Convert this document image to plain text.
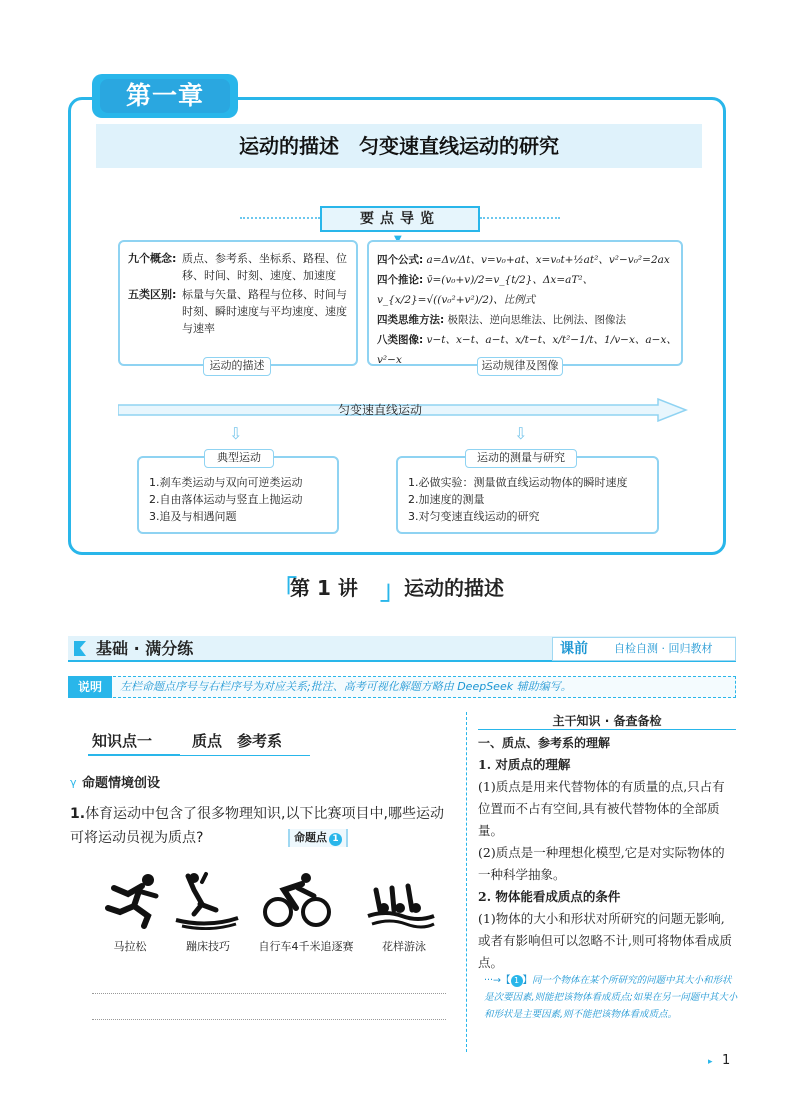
第一章
运动的描述　匀变速直线运动的研究
要点导览
九个概念: 质点、参考系、坐标系、路程、位移、时间、时刻、速度、加速度
五类区别: 标量与矢量、路程与位移、时间与时刻、瞬时速度与平均速度、速度与速率
运动的描述
四个公式: a=Δv/Δt、v=v₀+at、x=v₀t+½at²、v²−v₀²=2ax
四个推论: v̄=(v₀+v)/2=v_{t/2}、Δx=aT²、v_{x/2}=√((v₀²+v²)/2)、比例式
四类思维方法: 极限法、逆向思维法、比例法、图像法
八类图像: v−t、x−t、a−t、x/t−t、x/t²−1/t、1/v−x、a−x、v²−x	运动规律及图像
匀变速直线运动
⇩	⇩
1.刹车类运动与双向可逆类运动
2.自由落体运动与竖直上抛运动
3.追及与相遇问题
典型运动
1.必做实验：测量做直线运动物体的瞬时速度
2.加速度的测量
3.对匀变速直线运动的研究
运动的测量与研究
「
第 1 讲 」
运动的描述
基础 · 满分练	课前 自检自测 · 回归教材
说明	左栏命题点序号与右栏序号为对应关系;批注、高考可视化解题方略由 DeepSeek 辅助编写。
知识点一	质点　参考系
γ 命题情境创设
1.体育运动中包含了很多物理知识,以下比赛项目中,哪些运动可将运动员视为质点?	命题点 1
马拉松	蹦床技巧	自行车4千米追逐赛	花样游泳
主干知识 · 备查备检
一、质点、参考系的理解
1. 对质点的理解
(1)质点是用来代替物体的有质量的点,只占有位置而不占有空间,具有被代替物体的全部质量。
(2)质点是一种理想化模型,它是对实际物体的一种科学抽象。
2. 物体能看成质点的条件
(1)物体的大小和形状对所研究的问题无影响,或者有影响但可以忽略不计,则可将物体看成质点。
···→【 1 】同一个物体在某个所研究的问题中其大小和形状是次要因素,则能把该物体看成质点;如果在另一问题中其大小和形状是主要因素,则不能把该物体看成质点。
▸ 1
